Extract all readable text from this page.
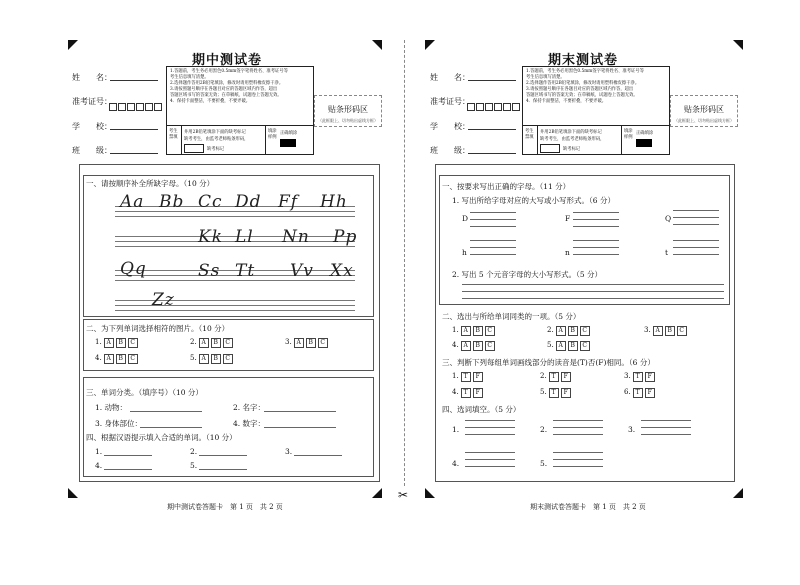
✂
期中测试卷
姓　　名：
准考证号：
学　　校：
班　　级：
1.答题前，考生务必用黑色0.5mm签字笔将姓名、准考证号等
考生信息填写清楚。
2.选择题作答用2B铅笔填涂，修改时请用塑料橡皮擦干净。
3.请按照题号顺序在各题目对应的答题区域内作答，超出
答题区域书写的答案无效；在草稿纸、试题卷上答题无效。
4．保持卡面整洁，不要折叠，不要弄破。
贴条形码区
（此框限上、切勿贴出虚线方框）
考生禁填
井用2B铅笔填涂下面的缺考标记
缺考考生，由监考老师贴条形码，
缺考标记
填涂样例
正确填涂
一、请按顺序补全所缺字母。（10 分）
Aa Bb Cc Dd Ff Hh
Kk Ll Nn Pp
Qq	Ss Tt Vv Xx
Zz
二、为下列单词选择相符的图片。（10 分）
1. A B C	2. A B C	3. A B C
4. A B C	5. A B C
三、单词分类。（填序号）（10 分）
1. 动物：	2. 名字：
3. 身体部位：	4. 数字：
四、根据汉语提示填入合适的单词。（10 分）
1.	2.	3.
4.	5.
期中测试卷答题卡　第 1 页　共 2 页
期末测试卷
姓　　名：
准考证号：
学　　校：
班　　级：
1.答题前，考生务必用黑色0.5mm签字笔将姓名、准考证号等
考生信息填写清楚。
2.选择题作答用2B铅笔填涂，修改时请用塑料橡皮擦干净。
3.请按照题号顺序在各题目对应的答题区域内作答，超出
答题区域书写的答案无效；在草稿纸、试题卷上答题无效。
4．保持卡面整洁，不要折叠，不要弄破。
贴条形码区
（此框限上、切勿贴出虚线方框）
考生禁填
井用2B铅笔填涂下面的缺考标记
缺考考生，由监考老师贴条形码，
缺考标记
填涂样例
正确填涂
一、按要求写出正确的字母。（11 分）
1. 写出所给字母对应的大写或小写形式。（6 分）
D	F	Q
h	n	t
2. 写出 5 个元音字母的大小写形式。（5 分）
二、选出与所给单词同类的一项。（5 分）
1. A B C	2. A B C	3. A B C
4. A B C	5. A B C
三、判断下列每组单词画线部分的读音是(T)否(F)相同。（6 分）
1. T F	2. T F	3. T F
4. T F	5. T F	6. T F
四、选词填空。（5 分）
1.	2.	3.
4.	5.
期末测试卷答题卡　第 1 页　共 2 页
